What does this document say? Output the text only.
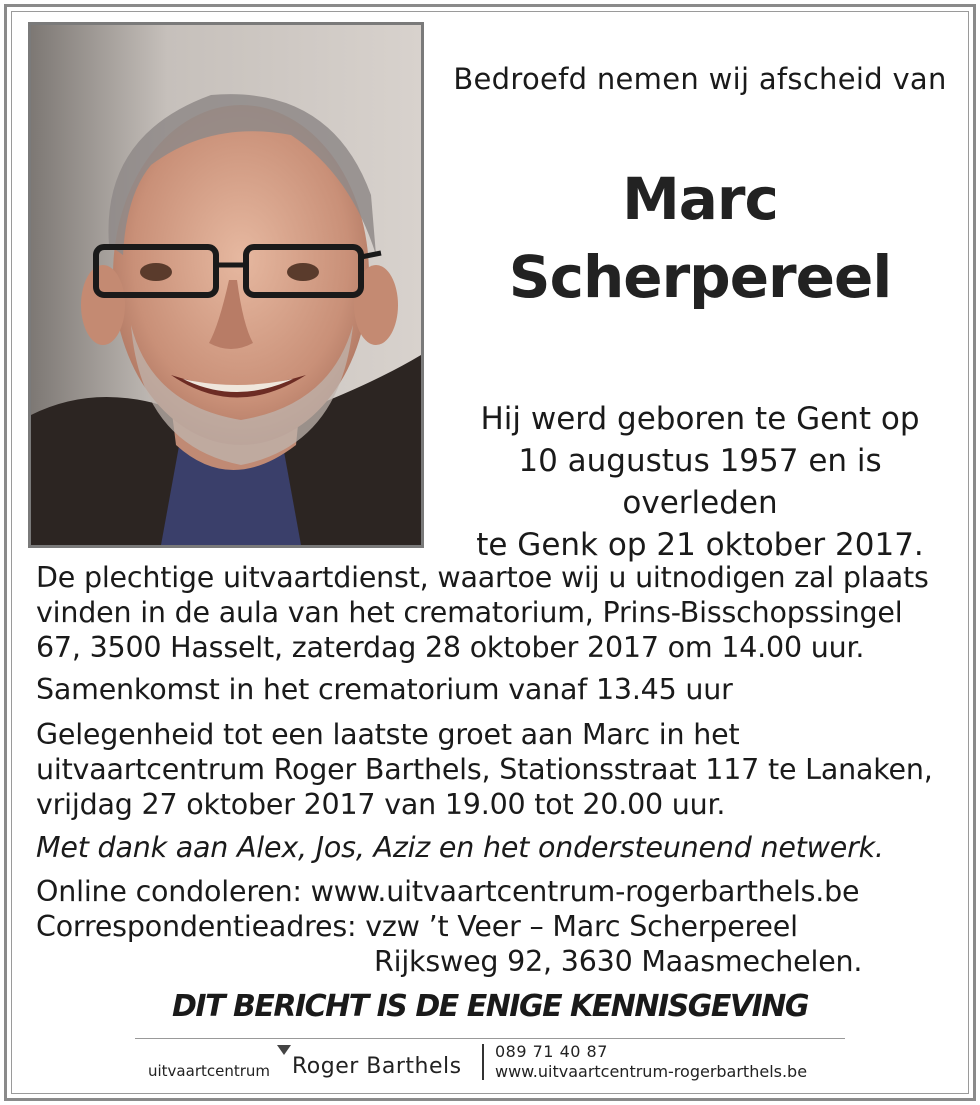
Bedroefd nemen wij afscheid van
Marc
Scherpereel
Hij werd geboren te Gent op
10 augustus 1957 en is overleden
te Genk op 21 oktober 2017.
De plechtige uitvaartdienst, waartoe wij u uitnodigen zal plaats
vinden in de aula van het crematorium, Prins-Bisschopssingel
67, 3500 Hasselt, zaterdag 28 oktober 2017 om 14.00 uur.
Samenkomst in het crematorium vanaf 13.45 uur
Gelegenheid tot een laatste groet aan Marc in het
uitvaartcentrum Roger Barthels, Stationsstraat 117 te Lanaken,
vrijdag 27 oktober 2017 van 19.00 tot 20.00 uur.
Met dank aan Alex, Jos, Aziz en het ondersteunend netwerk.
Online condoleren: www.uitvaartcentrum-rogerbarthels.be
Correspondentieadres: vzw ’t Veer – Marc Scherpereel
Rijksweg 92, 3630 Maasmechelen.
DIT BERICHT IS DE ENIGE KENNISGEVING
uitvaartcentrum Roger Barthels
089 71 40 87
www.uitvaartcentrum-rogerbarthels.be
